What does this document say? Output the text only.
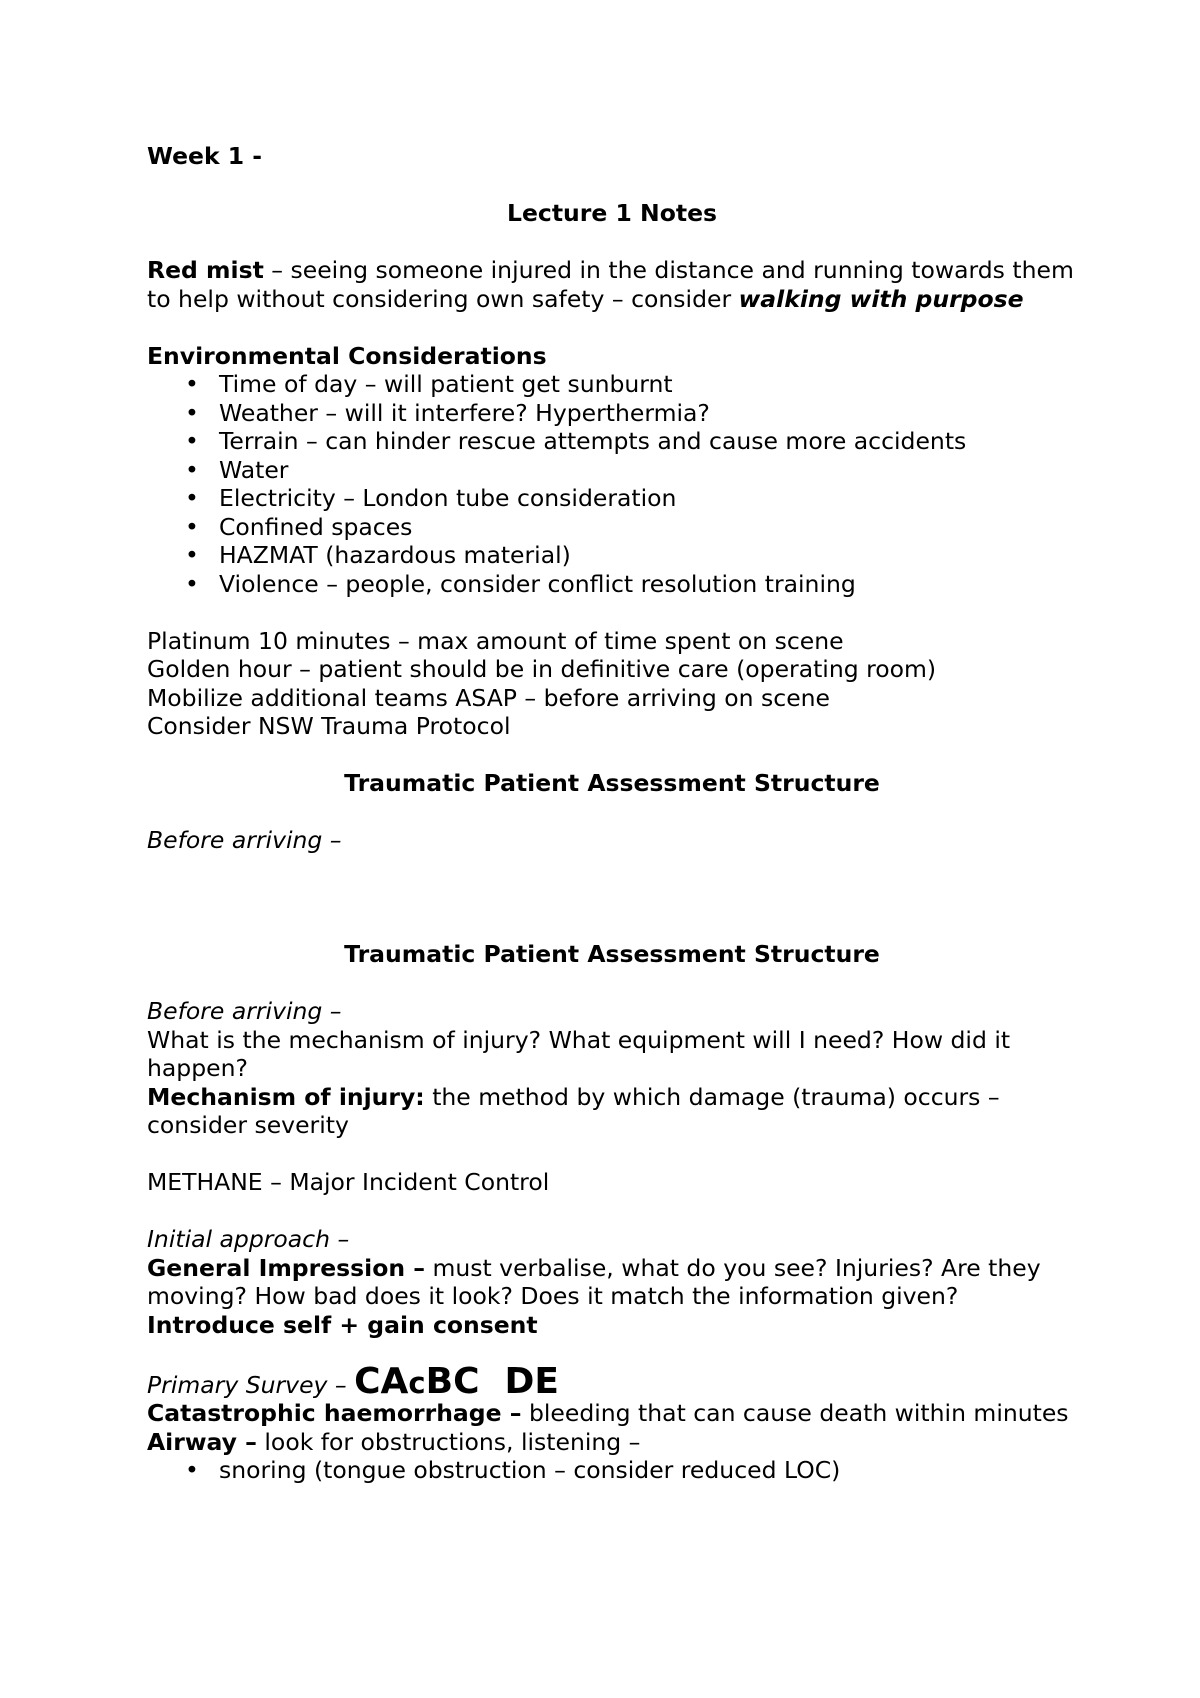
Week 1 -

Lecture 1 Notes

Red mist – seeing someone injured in the distance and running towards them to help without considering own safety – consider walking with purpose

Environmental Considerations

• Time of day – will patient get sunburnt
• Weather – will it interfere? Hyperthermia?
• Terrain – can hinder rescue attempts and cause more accidents
• Water
• Electricity – London tube consideration
• Confined spaces
• HAZMAT (hazardous material)
• Violence – people, consider conflict resolution training

Platinum 10 minutes – max amount of time spent on scene

Golden hour – patient should be in definitive care (operating room)

Mobilize additional teams ASAP – before arriving on scene

Consider NSW Trauma Protocol

Traumatic Patient Assessment Structure

Before arriving –

Traumatic Patient Assessment Structure

Before arriving –

What is the mechanism of injury? What equipment will I need? How did it happen?

Mechanism of injury: the method by which damage (trauma) occurs – consider severity

METHANE – Major Incident Control

Initial approach –

General Impression – must verbalise, what do you see? Injuries? Are they moving? How bad does it look? Does it match the information given?

Introduce self + gain consent

Primary Survey – CAcBC  DE

Catastrophic haemorrhage – bleeding that can cause death within minutes

Airway – look for obstructions, listening –

• snoring (tongue obstruction – consider reduced LOC)
